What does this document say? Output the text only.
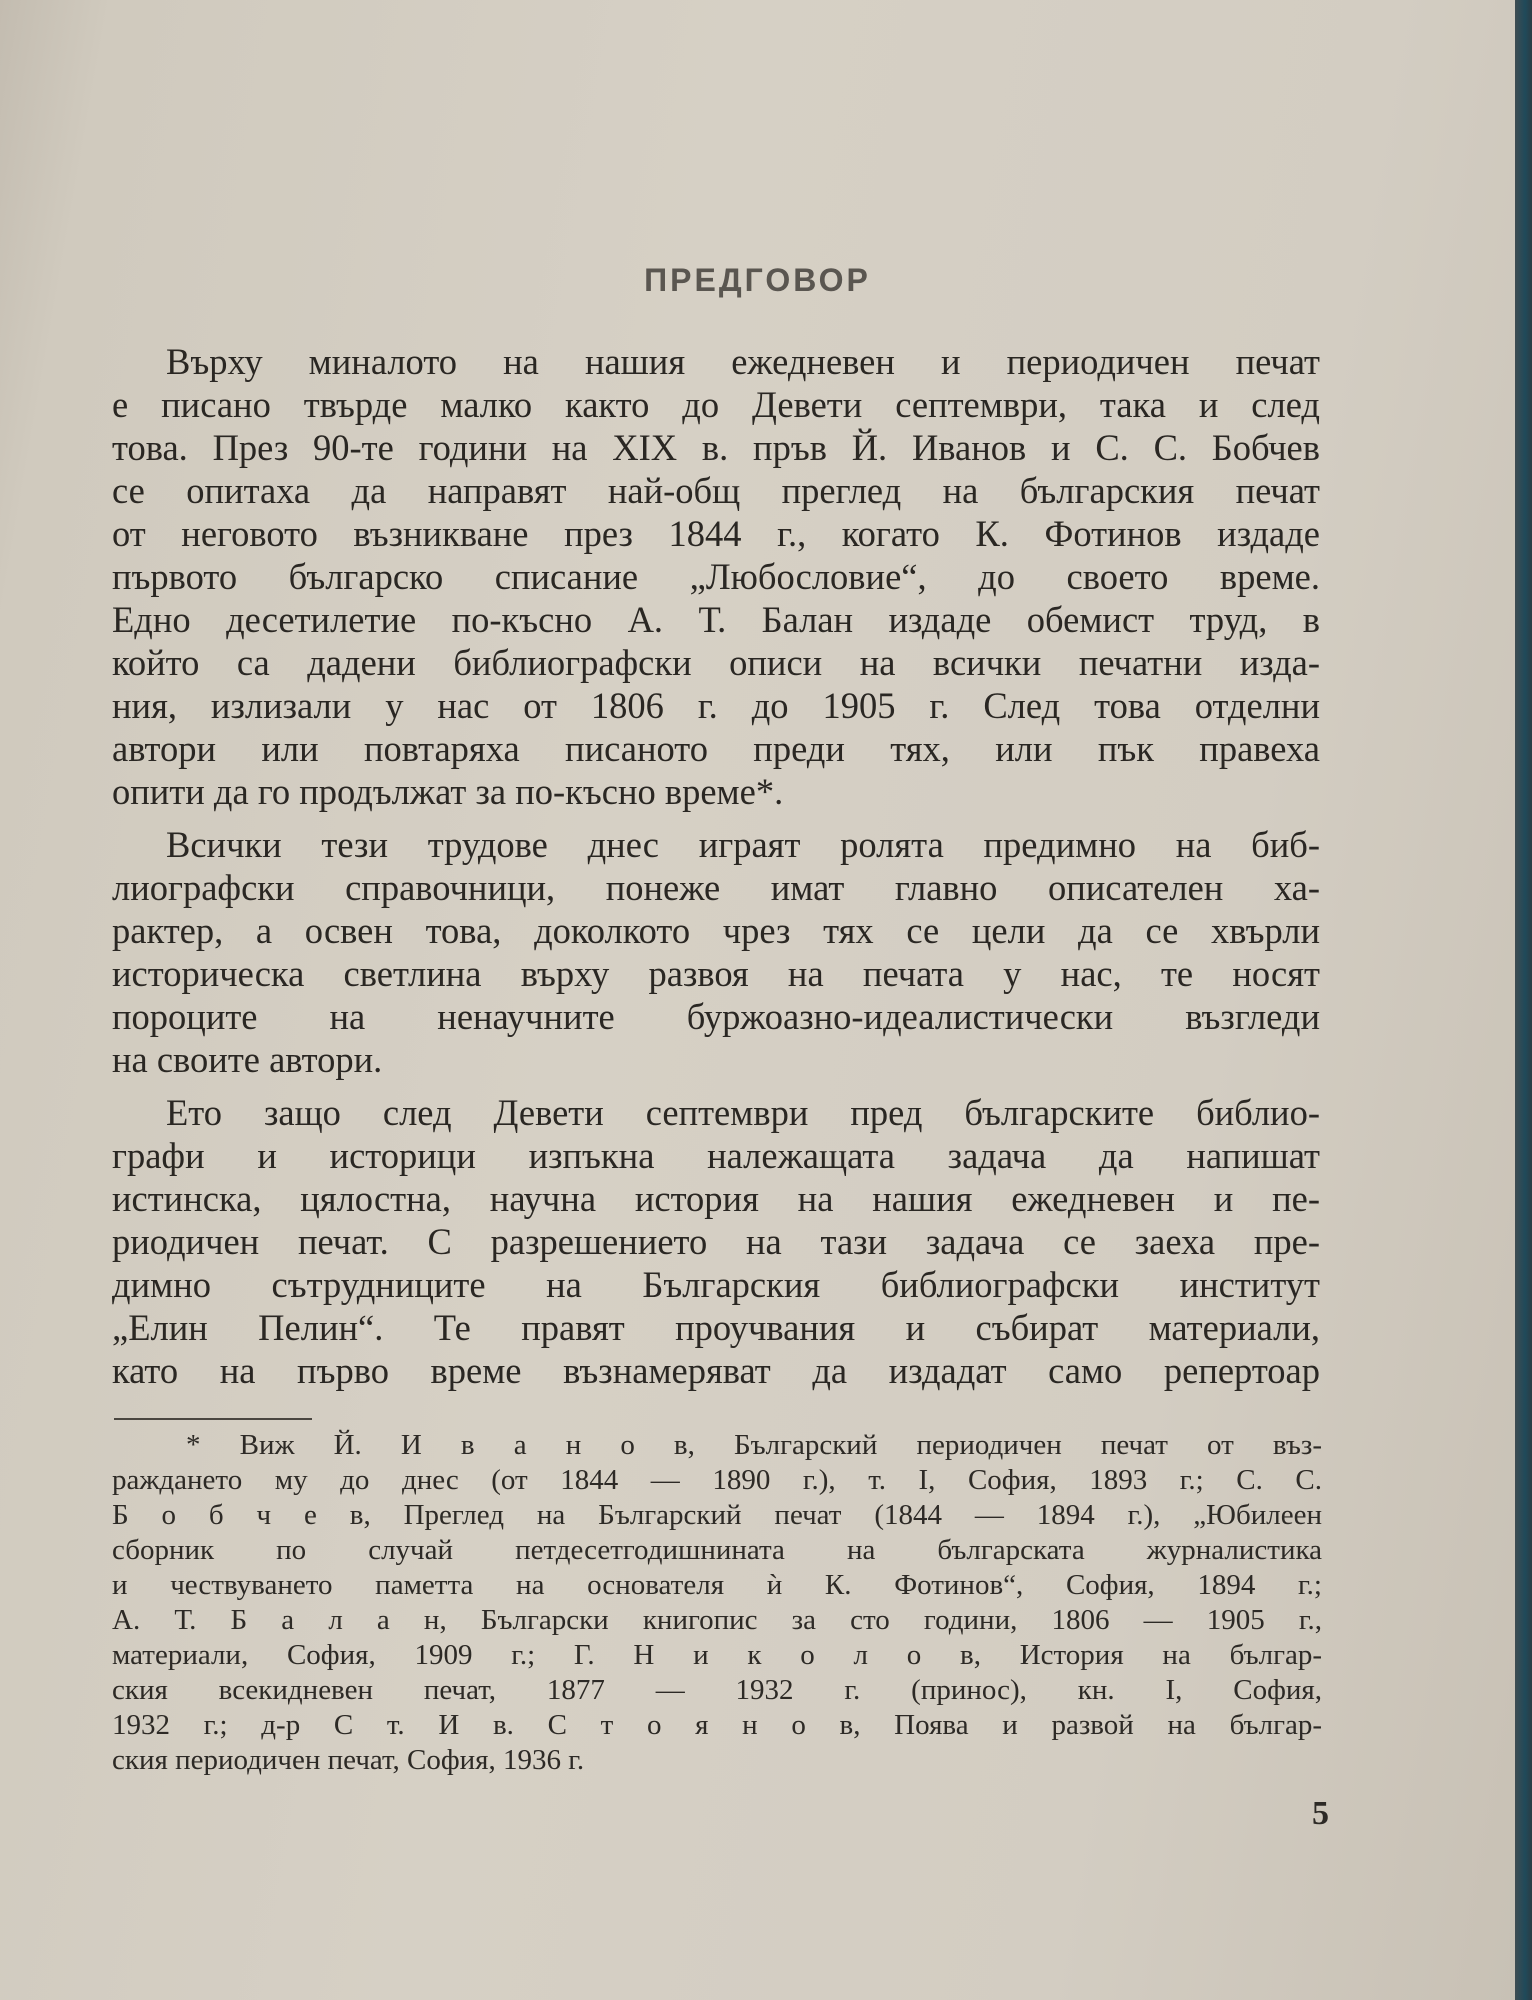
ПРЕДГОВОР
Върху миналото на нашия ежедневен и периодичен печат
е писано твърде малко както до Девети септември, така и след
това. През 90-те години на XIX в. пръв Й. Иванов и С. С. Бобчев
се опитаха да направят най-общ преглед на българския печат
от неговото възникване през 1844 г., когато К. Фотинов издаде
първото българско списание „Любословие“, до своето време.
Едно десетилетие по-късно А. Т. Балан издаде обемист труд, в
който са дадени библиографски описи на всички печатни изда-
ния, излизали у нас от 1806 г. до 1905 г. След това отделни
автори или повтаряха писаното преди тях, или пък правеха
опити да го продължат за по-късно време*.
Всички тези трудове днес играят ролята предимно на биб-
лиографски справочници, понеже имат главно описателен ха-
рактер, а освен това, доколкото чрез тях се цели да се хвърли
историческа светлина върху развоя на печата у нас, те носят
пороците на ненаучните буржоазно-идеалистически възгледи
на своите автори.
Ето защо след Девети септември пред българските библио-
графи и историци изпъкна належащата задача да напишат
истинска, цялостна, научна история на нашия ежедневен и пе-
риодичен печат. С разрешението на тази задача се заеха пре-
димно сътрудниците на Българския библиографски институт
„Елин Пелин“. Те правят проучвания и събират материали,
като на първо време възнамеряват да издадат само репертоар
* Виж Й. И в а н о в, Българский периодичен печат от въз-
раждането му до днес (от 1844 — 1890 г.), т. I, София, 1893 г.; С. С.
Б о б ч е в, Преглед на Българский печат (1844 — 1894 г.), „Юбилеен
сборник по случай петдесетгодишнината на българската журналистика
и чествуването паметта на основателя ѝ К. Фотинов“, София, 1894 г.;
А. Т. Б а л а н, Български книгопис за сто години, 1806 — 1905 г.,
материали, София, 1909 г.; Г. Н и к о л о в, История на българ-
ския всекидневен печат, 1877 — 1932 г. (принос), кн. I, София,
1932 г.; д-р С т. И в. С т о я н о в, Поява и развой на българ-
ския периодичен печат, София, 1936 г.
5
